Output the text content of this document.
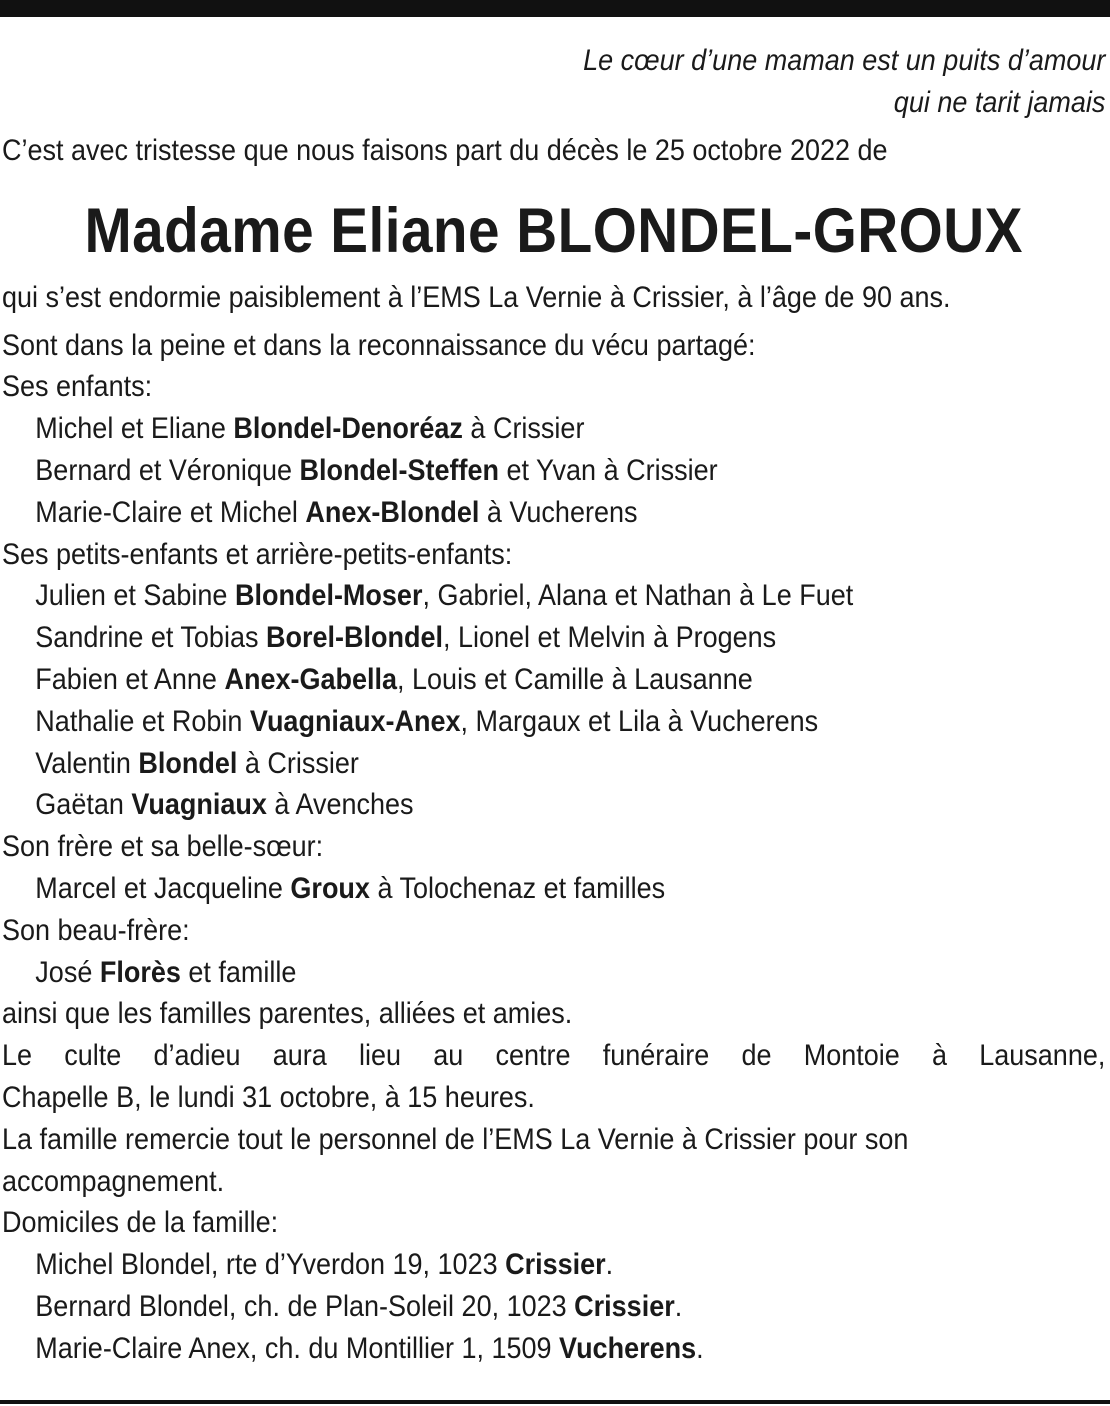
Le cœur d’une maman est un puits d’amour
qui ne tarit jamais
C’est avec tristesse que nous faisons part du décès le 25 octobre 2022 de
Madame Eliane BLONDEL-GROUX
qui s’est endormie paisiblement à l’EMS La Vernie à Crissier, à l’âge de 90 ans.
Sont dans la peine et dans la reconnaissance du vécu partagé:
Ses enfants:
Michel et Eliane Blondel-Denoréaz à Crissier
Bernard et Véronique Blondel-Steffen et Yvan à Crissier
Marie-Claire et Michel Anex-Blondel à Vucherens
Ses petits-enfants et arrière-petits-enfants:
Julien et Sabine Blondel-Moser, Gabriel, Alana et Nathan à Le Fuet
Sandrine et Tobias Borel-Blondel, Lionel et Melvin à Progens
Fabien et Anne Anex-Gabella, Louis et Camille à Lausanne
Nathalie et Robin Vuagniaux-Anex, Margaux et Lila à Vucherens
Valentin Blondel à Crissier
Gaëtan Vuagniaux à Avenches
Son frère et sa belle-sœur:
Marcel et Jacqueline Groux à Tolochenaz et familles
Son beau-frère:
José Florès et famille
ainsi que les familles parentes, alliées et amies.
Le culte d’adieu aura lieu au centre funéraire de Montoie à Lausanne,
Chapelle B, le lundi 31 octobre, à 15 heures.
La famille remercie tout le personnel de l’EMS La Vernie à Crissier pour son
accompagnement.
Domiciles de la famille:
Michel Blondel, rte d’Yverdon 19, 1023 Crissier.
Bernard Blondel, ch. de Plan-Soleil 20, 1023 Crissier.
Marie-Claire Anex, ch. du Montillier 1, 1509 Vucherens.
